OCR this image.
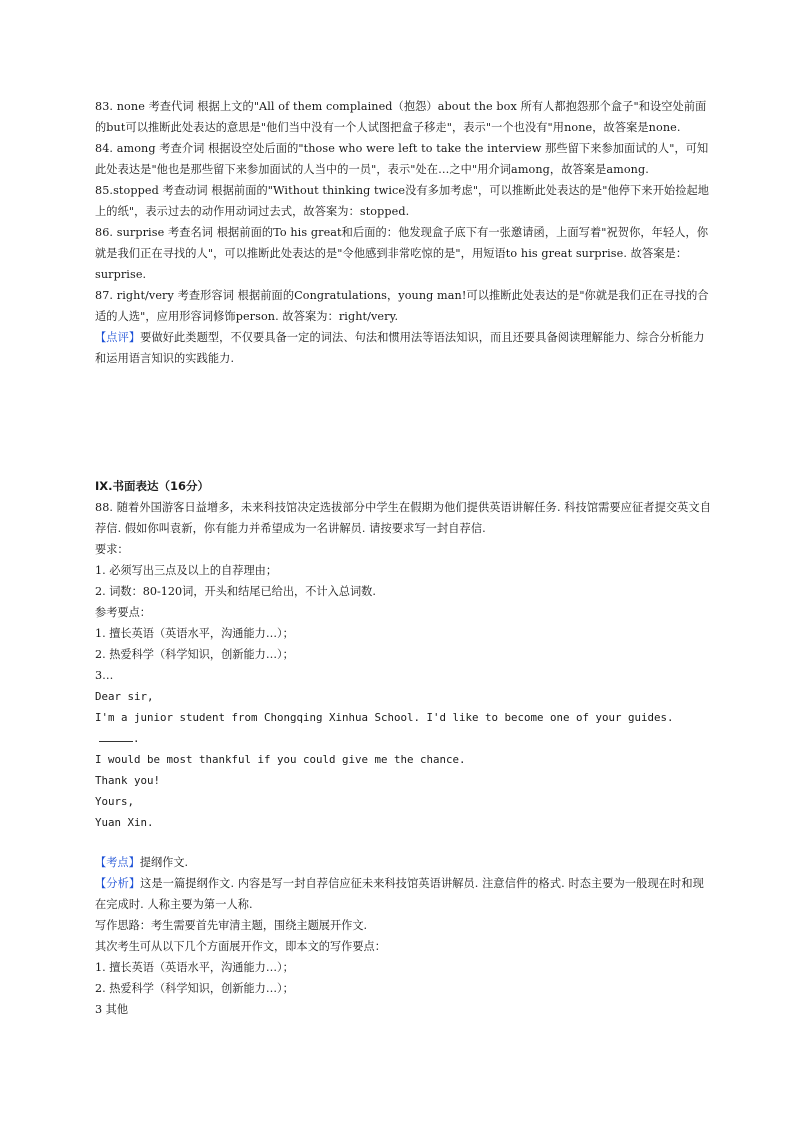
83. none 考查代词 根据上文的"All of them complained（抱怨）about the box 所有人都抱怨那个盒子"和设空处前面的but可以推断此处表达的意思是"他们当中没有一个人试图把盒子移走"，表示"一个也没有"用none，故答案是none.

84. among 考查介词 根据设空处后面的"those who were left to take the interview 那些留下来参加面试的人"，可知此处表达是"他也是那些留下来参加面试的人当中的一员"，表示"处在…之中"用介词among，故答案是among.

85.stopped 考查动词 根据前面的"Without thinking twice没有多加考虑"，可以推断此处表达的是"他停下来开始捡起地上的纸"，表示过去的动作用动词过去式，故答案为：stopped.

86. surprise 考查名词 根据前面的To his great和后面的：他发现盒子底下有一张邀请函，上面写着"祝贺你，年轻人，你就是我们正在寻找的人"，可以推断此处表达的是"令他感到非常吃惊的是"，用短语to his great surprise. 故答案是：surprise.

87. right/very 考查形容词 根据前面的Congratulations，young man!可以推断此处表达的是"你就是我们正在寻找的合适的人选"，应用形容词修饰person. 故答案为：right/very.

【点评】要做好此类题型，不仅要具备一定的词法、句法和惯用法等语法知识，而且还要具备阅读理解能力、综合分析能力和运用语言知识的实践能力.

IX.书面表达（16分）

88. 随着外国游客日益增多，未来科技馆决定选拔部分中学生在假期为他们提供英语讲解任务. 科技馆需要应征者提交英文自荐信. 假如你叫袁新，你有能力并希望成为一名讲解员. 请按要求写一封自荐信.

要求：
1. 必须写出三点及以上的自荐理由；
2. 词数：80-120词，开头和结尾已给出，不计入总词数.
参考要点：
1. 擅长英语（英语水平，沟通能力…）；
2. 热爱科学（科学知识，创新能力…）；
3…
Dear sir,
I'm a junior student from Chongqing Xinhua School. I'd like to become one of your guides.
.
I would be most thankful if you could give me the chance.
Thank you!
Yours,
Yuan Xin.
【考点】提纲作文.

【分析】这是一篇提纲作文. 内容是写一封自荐信应征未来科技馆英语讲解员. 注意信件的格式. 时态主要为一般现在时和现在完成时. 人称主要为第一人称.

写作思路：考生需要首先审清主题，围绕主题展开作文.
其次考生可从以下几个方面展开作文，即本文的写作要点：
1. 擅长英语（英语水平，沟通能力…）；
2. 热爱科学（科学知识，创新能力…）；
3 其他
